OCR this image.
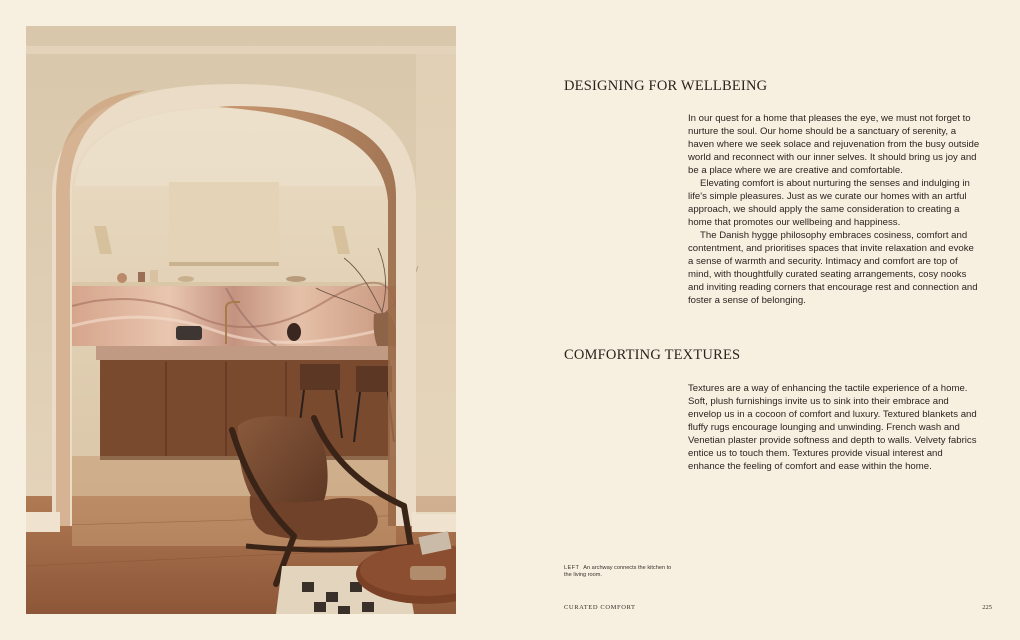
DESIGNING FOR WELLBEING

In our quest for a home that pleases the eye, we must not forget to nurture the soul. Our home should be a sanctuary of serenity, a haven where we seek solace and rejuvenation from the busy outside world and reconnect with our inner selves. It should bring us joy and be a place where we are creative and comfortable.

Elevating comfort is about nurturing the senses and indulging in life's simple pleasures. Just as we curate our homes with an artful approach, we should apply the same consideration to creating a home that promotes our wellbeing and happiness.

The Danish hygge philosophy embraces cosiness, comfort and contentment, and prioritises spaces that invite relaxation and evoke a sense of warmth and security. Intimacy and comfort are top of mind, with thoughtfully curated seating arrangements, cosy nooks and inviting reading corners that encourage rest and connection and foster a sense of belonging.

COMFORTING TEXTURES

Textures are a way of enhancing the tactile experience of a home. Soft, plush furnishings invite us to sink into their embrace and envelop us in a cocoon of comfort and luxury. Textured blankets and fluffy rugs encourage lounging and unwinding. French wash and Venetian plaster provide softness and depth to walls. Velvety fabrics entice us to touch them. Textures provide visual interest and enhance the feeling of comfort and ease within the home.

LEFT An archway connects the kitchen to the living room.
CURATED COMFORT	225
